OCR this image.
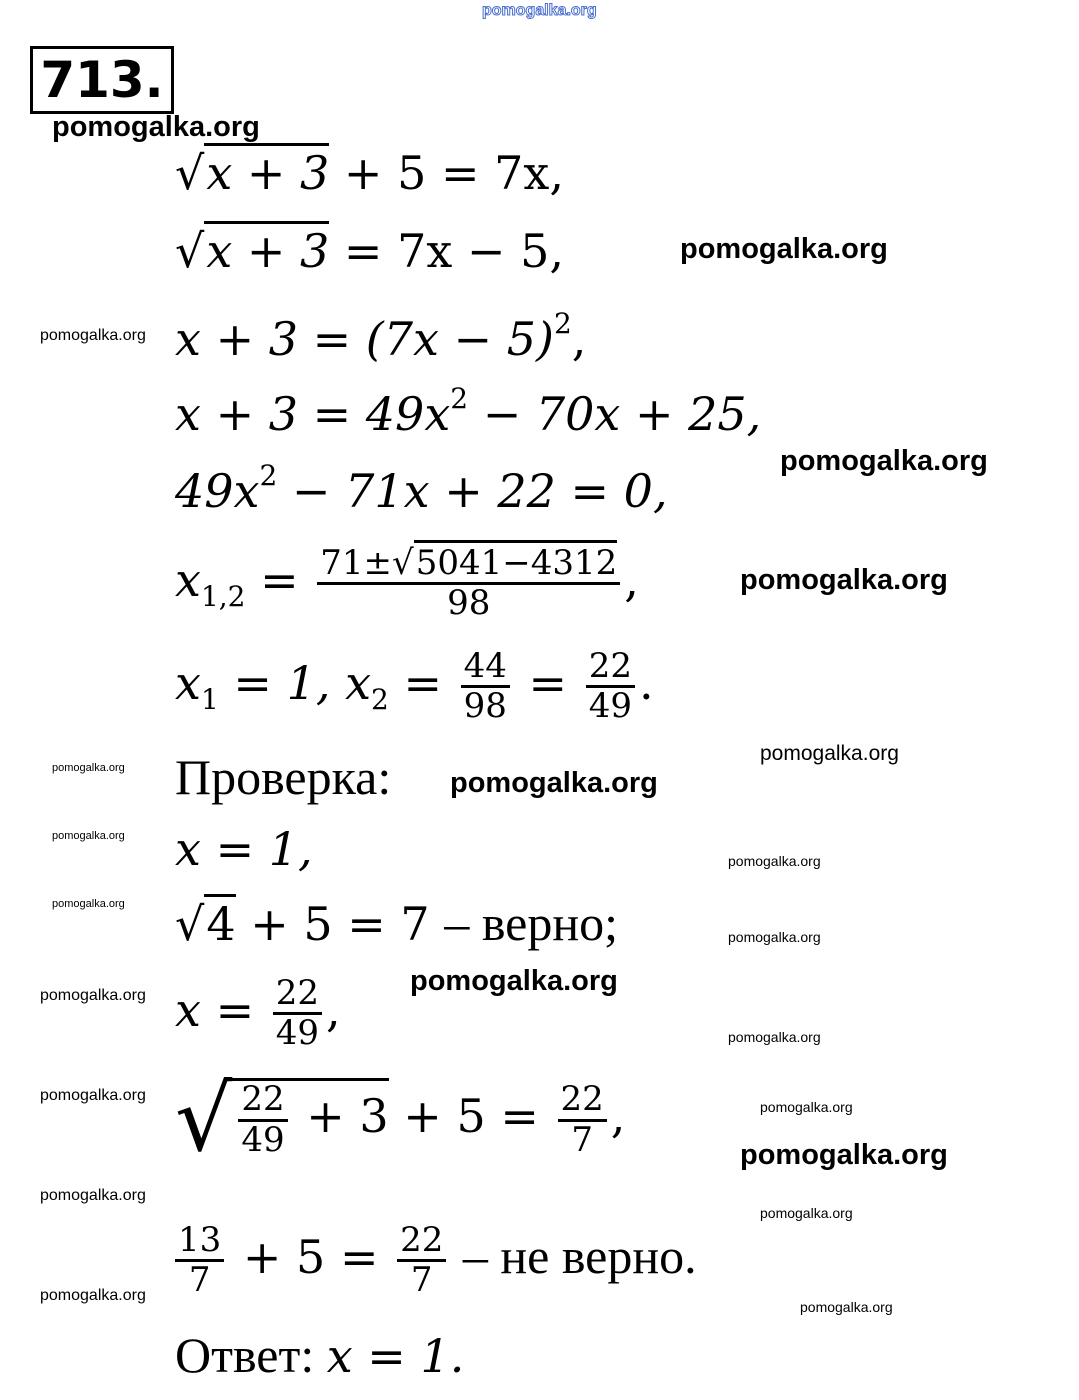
pomogalka.org
713.
pomogalka.org
√x + 3 + 5 = 7x,
√x + 3 = 7x − 5,	pomogalka.org
pomogalka.org $x + 3 = (7x - 5)^2$,
$x + 3 = 49x^2 - 70x + 25$,
pomogalka.org
$49x^2 - 71x + 22 = 0$,
pomogalka.org
$x_{1,2} = \frac{71\pm√5041-4312}{98}$ ,
$x_1 = 1$, $x_2 = \frac{44}{98} = \frac{22}{49}$ .
pomogalka.org
pomogalka.org
pomogalka.org Проверка:
pomogalka.org x = 1,	pomogalka.org
pomogalka.org √4 + 5 = 7 – верно;
pomogalka.org
pomogalka.org
pomogalka.org $x = \frac{22}{49}$ ,
pomogalka.org
pomogalka.org √ $\frac{22}{49} + 3 + 5 = \frac{22}{7}$ ,	pomogalka.org
pomogalka.org
pomogalka.org
pomogalka.org
$\frac{13}{7} + 5 = \frac{22}{7}$ – не верно.
pomogalka.org
pomogalka.org
Ответ: x = 1.
